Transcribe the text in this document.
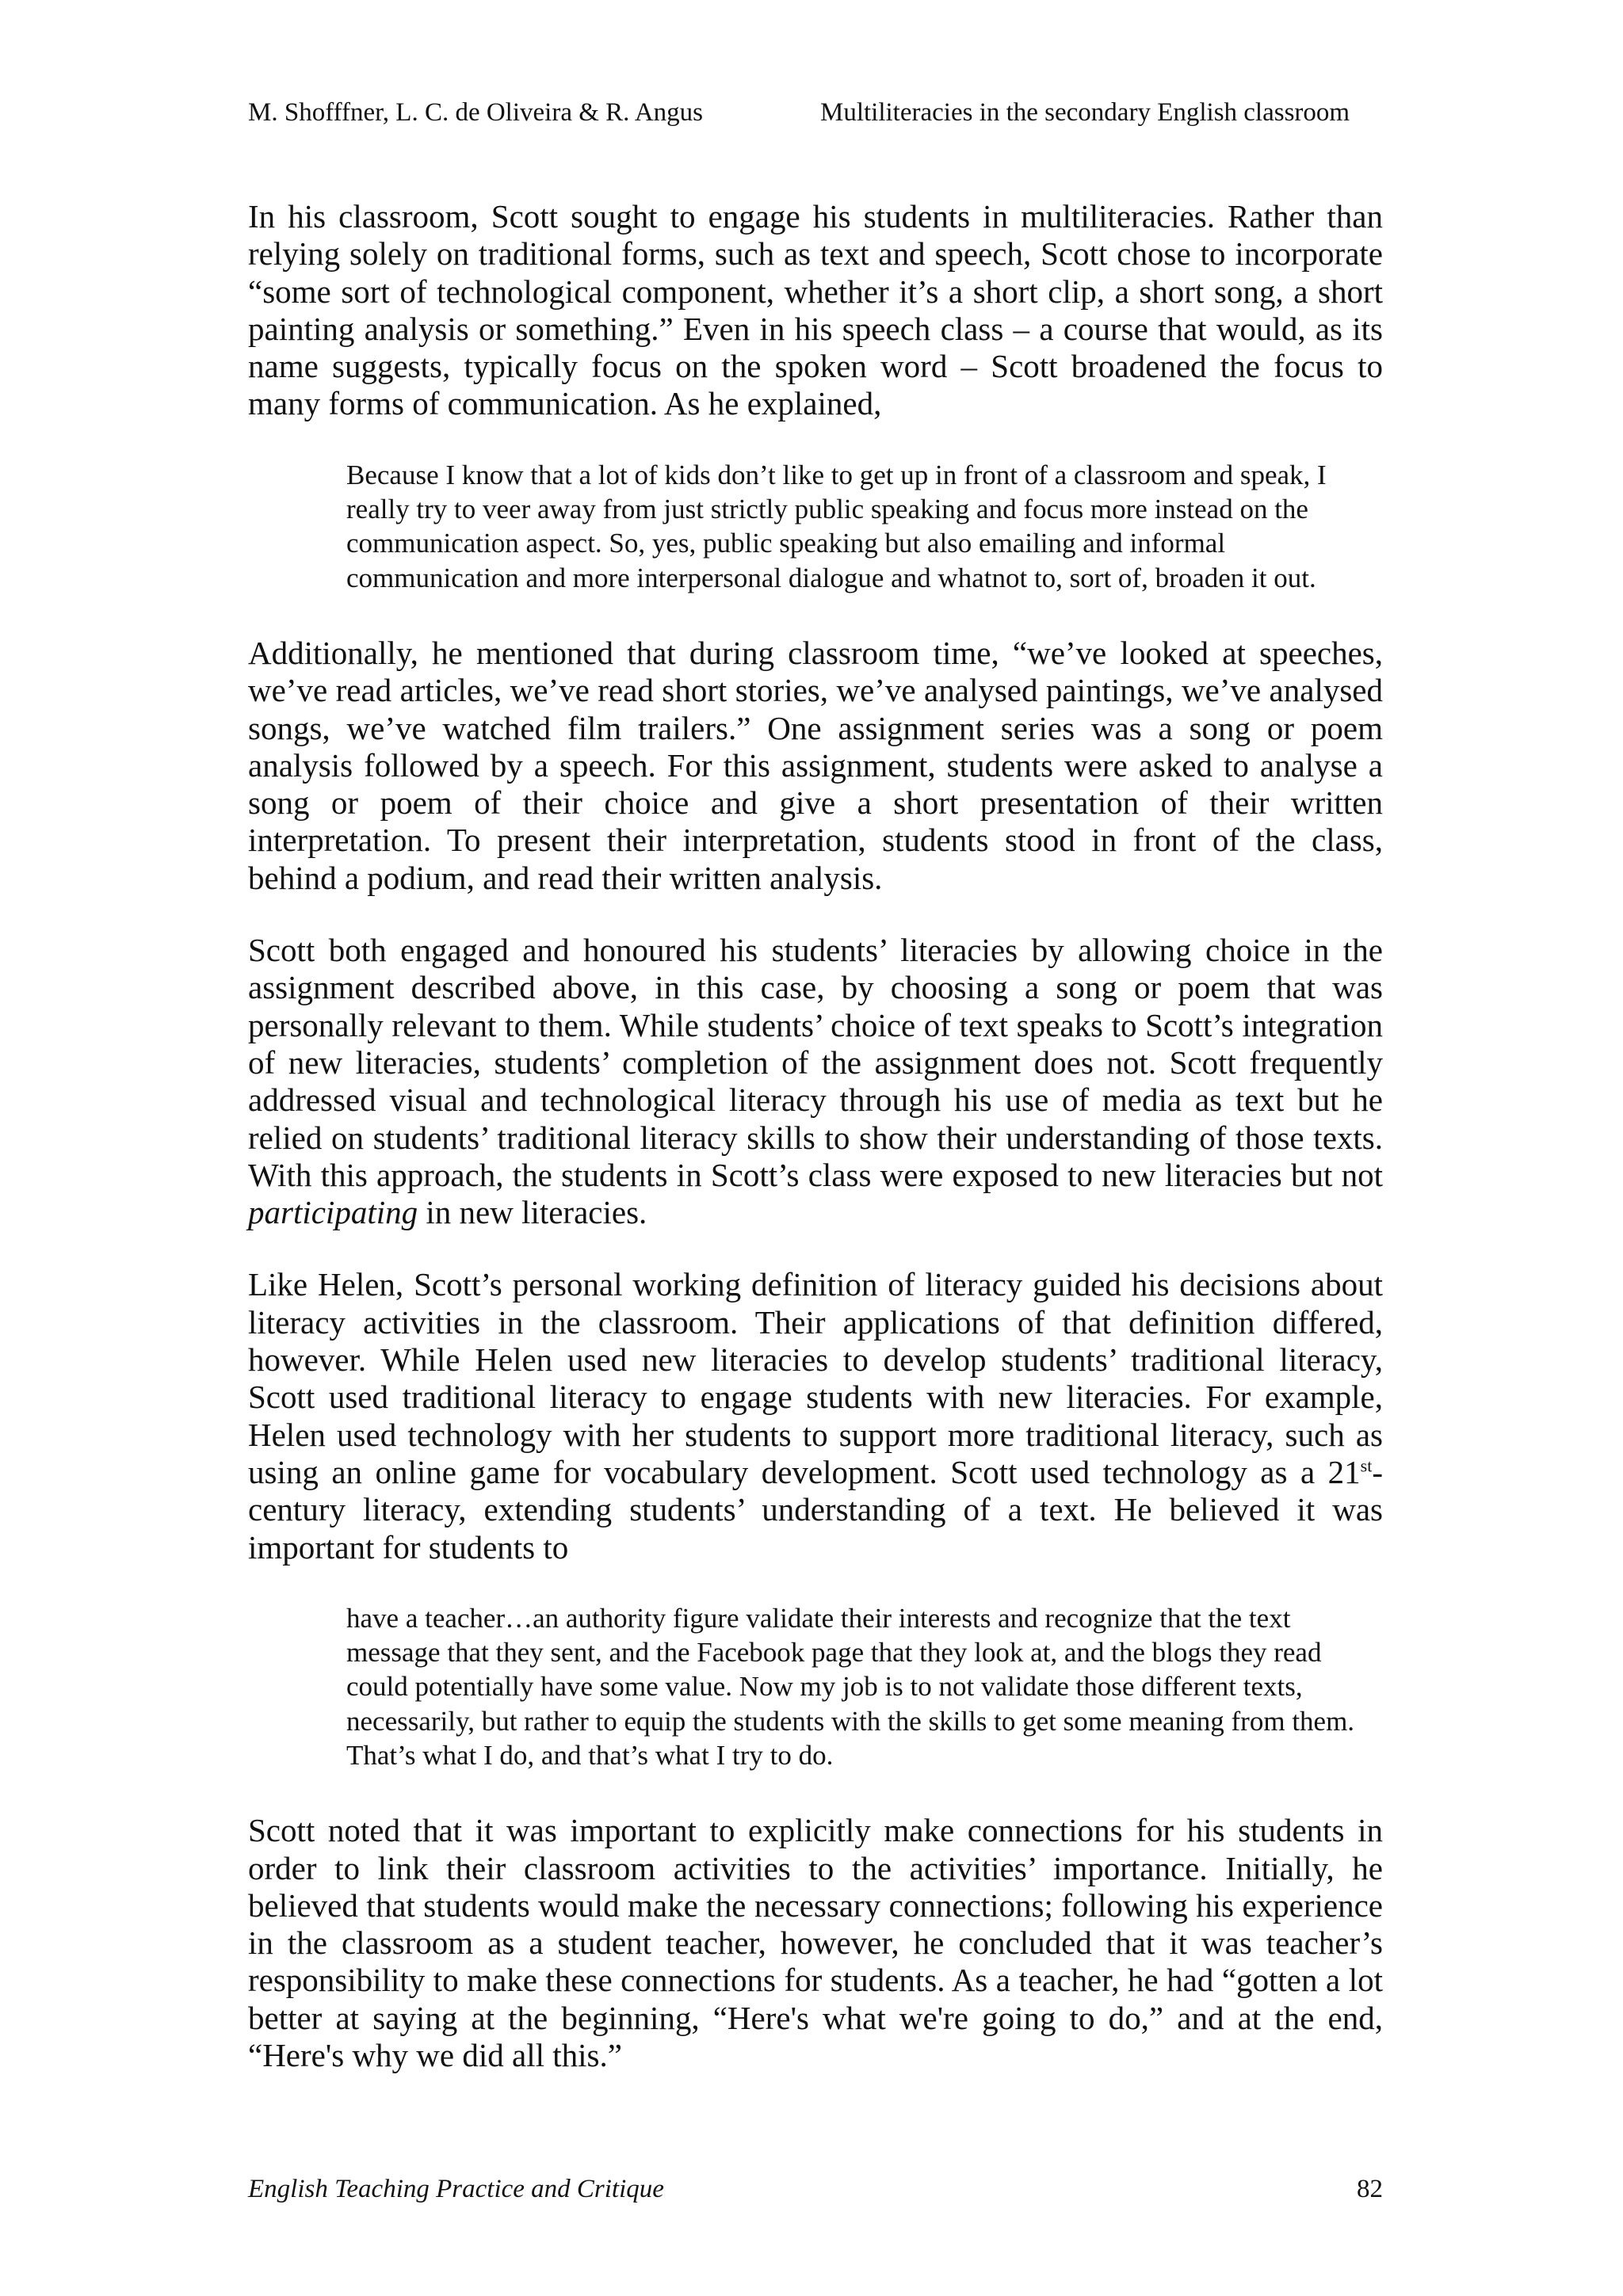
M. Shofffner, L. C. de Oliveira & R. Angus	Multiliteracies in the secondary English classroom

In his classroom, Scott sought to engage his students in multiliteracies. Rather than relying solely on traditional forms, such as text and speech, Scott chose to incorporate “some sort of technological component, whether it’s a short clip, a short song, a short painting analysis or something.” Even in his speech class – a course that would, as its name suggests, typically focus on the spoken word – Scott broadened the focus to many forms of communication. As he explained,

Because I know that a lot of kids don’t like to get up in front of a classroom and speak, I really try to veer away from just strictly public speaking and focus more instead on the communication aspect. So, yes, public speaking but also emailing and informal communication and more interpersonal dialogue and whatnot to, sort of, broaden it out.

Additionally, he mentioned that during classroom time, “we’ve looked at speeches, we’ve read articles, we’ve read short stories, we’ve analysed paintings, we’ve analysed songs, we’ve watched film trailers.” One assignment series was a song or poem analysis followed by a speech. For this assignment, students were asked to analyse a song or poem of their choice and give a short presentation of their written interpretation. To present their interpretation, students stood in front of the class, behind a podium, and read their written analysis.

Scott both engaged and honoured his students’ literacies by allowing choice in the assignment described above, in this case, by choosing a song or poem that was personally relevant to them. While students’ choice of text speaks to Scott’s integration of new literacies, students’ completion of the assignment does not. Scott frequently addressed visual and technological literacy through his use of media as text but he relied on students’ traditional literacy skills to show their understanding of those texts. With this approach, the students in Scott’s class were exposed to new literacies but not participating in new literacies.

Like Helen, Scott’s personal working definition of literacy guided his decisions about literacy activities in the classroom. Their applications of that definition differed, however. While Helen used new literacies to develop students’ traditional literacy, Scott used traditional literacy to engage students with new literacies. For example, Helen used technology with her students to support more traditional literacy, such as using an online game for vocabulary development. Scott used technology as a 21st-century literacy, extending students’ understanding of a text. He believed it was important for students to

have a teacher…an authority figure validate their interests and recognize that the text message that they sent, and the Facebook page that they look at, and the blogs they read could potentially have some value. Now my job is to not validate those different texts, necessarily, but rather to equip the students with the skills to get some meaning from them. That’s what I do, and that’s what I try to do.

Scott noted that it was important to explicitly make connections for his students in order to link their classroom activities to the activities’ importance. Initially, he believed that students would make the necessary connections; following his experience in the classroom as a student teacher, however, he concluded that it was teacher’s responsibility to make these connections for students. As a teacher, he had “gotten a lot better at saying at the beginning, “Here's what we're going to do,” and at the end, “Here's why we did all this.”

English Teaching Practice and Critique	82
